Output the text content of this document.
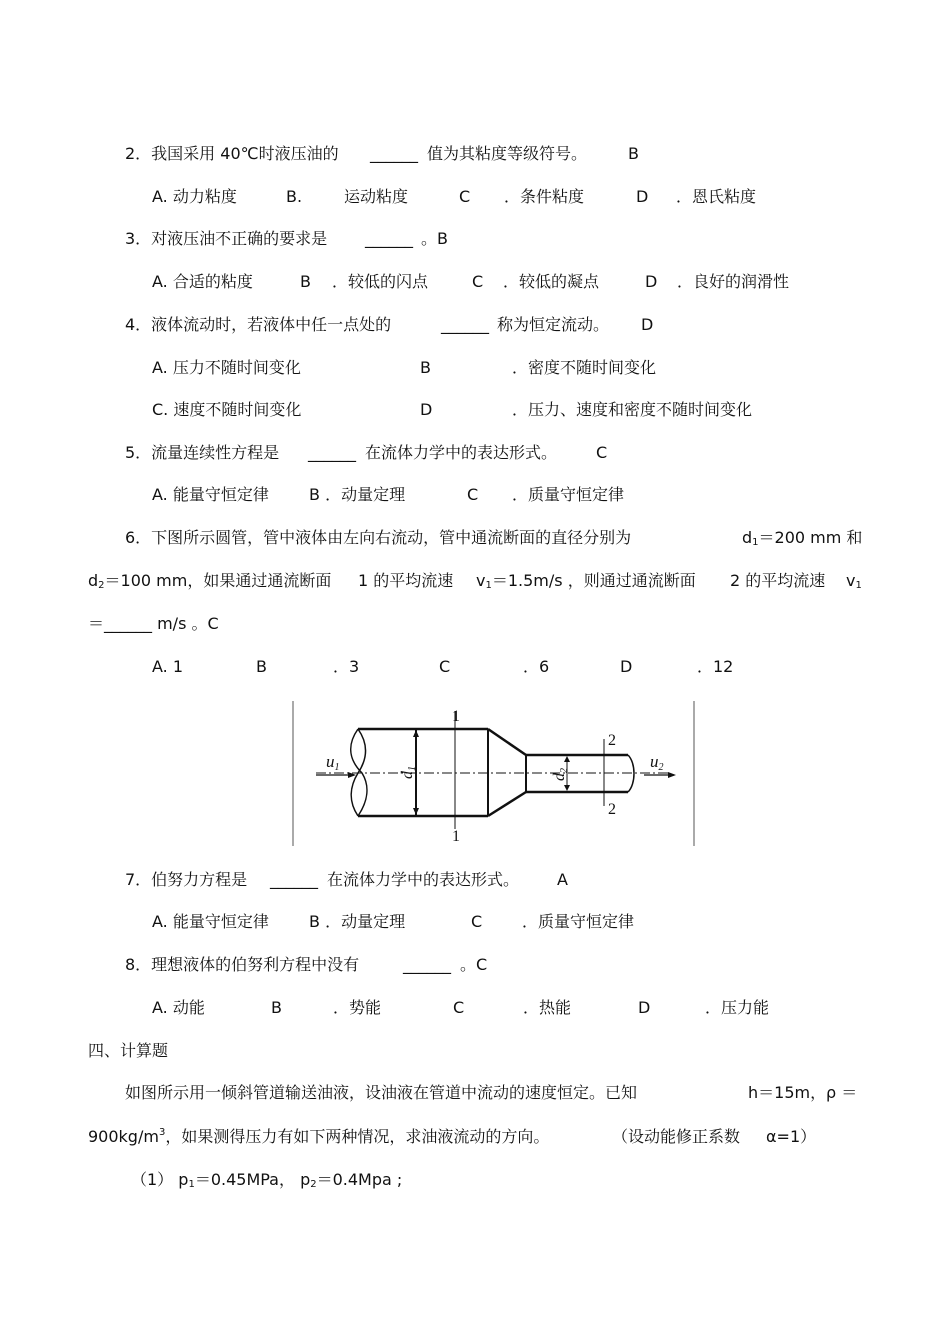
2．我国采用 40℃时液压油的 ______ 值为其粘度等级符号。	B
A. 动力粘度	B.	运动粘度	C ．条件粘度	D ．恩氏粘度
3．对液压油不正确的要求是 ______ 。B
A. 合适的粘度	B ．较低的闪点	C ．较低的凝点	D ．良好的润滑性
4．液体流动时，若液体中任一点处的	______ 称为恒定流动。 D
A. 压力不随时间变化	B	．密度不随时间变化
C. 速度不随时间变化	D	．压力、速度和密度不随时间变化
5．流量连续性方程是 ______ 在流体力学中的表达形式。 C
A. 能量守恒定律	B ．动量定理	C ．质量守恒定律
6．下图所示圆管，管中液体由左向右流动，管中通流断面的直径分别为	d1＝200 mm 和
d2＝100 mm，如果通过通流断面 1 的平均流速 v1＝1.5m/s ，则通过通流断面 2 的平均流速 v1
＝______ m/s 。C
A. 1	B	．3	C	．6	D	．12
u1	u2
d1
d2
1
1
2
2
7．伯努力方程是 ______ 在流体力学中的表达形式。 A
A. 能量守恒定律	B ．动量定理	C ．质量守恒定律
8．理想液体的伯努利方程中没有	______ 。C
A. 动能	B	．势能	C	．热能	D	．压力能
四、计算题
如图所示用一倾斜管道输送油液，设油液在管道中流动的速度恒定。已知	h＝15m， ρ ＝
$900kg/m^3$，如果测得压力有如下两种情况，求油液流动的方向。	（设动能修正系数 α=1）
（1） p1＝0.45MPa， p2＝0.4Mpa ;
